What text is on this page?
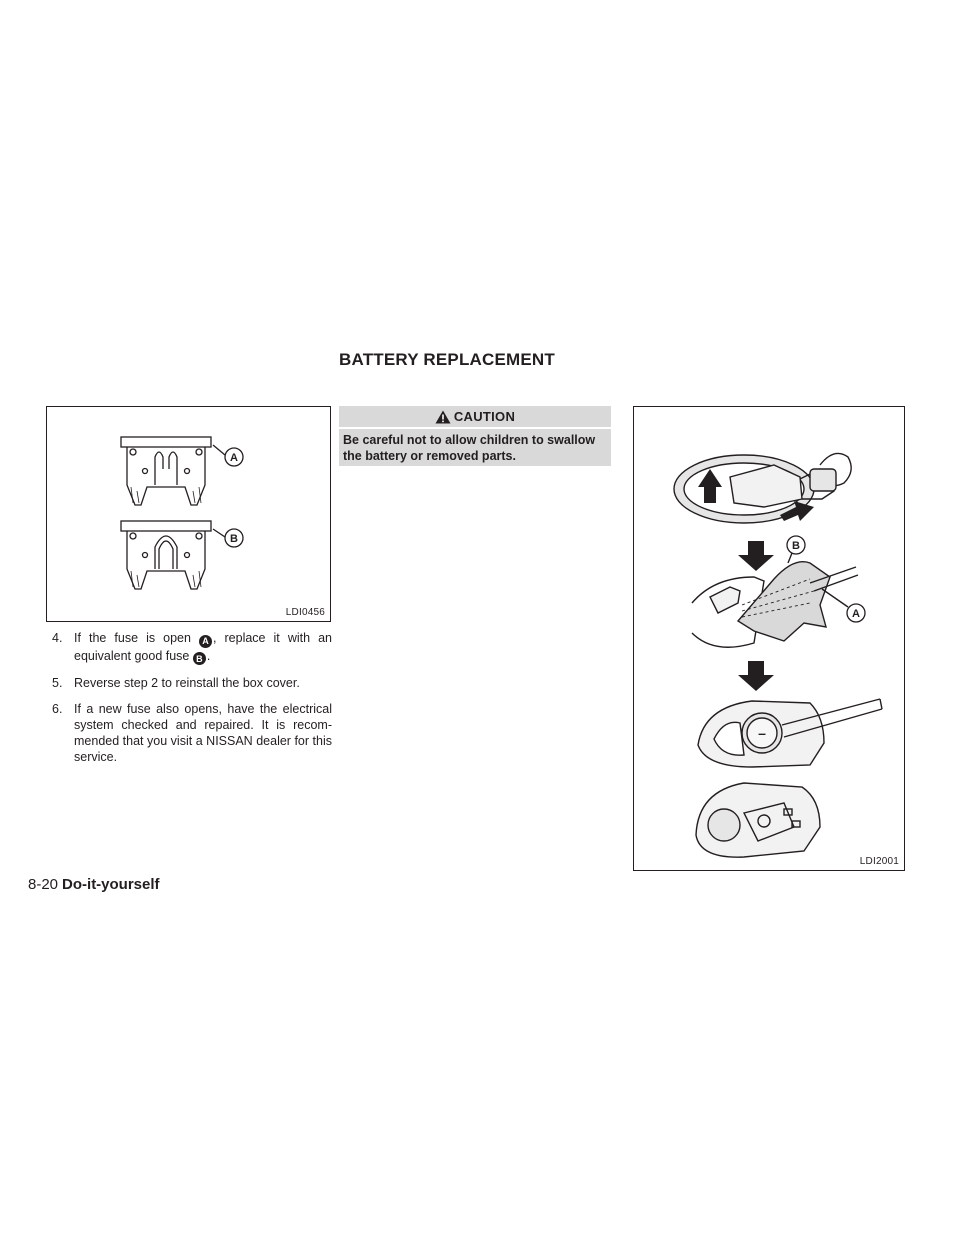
BATTERY REPLACEMENT
A
B
LDI0456
4. If the fuse is open A , replace it with an equivalent good fuse B .
5. Reverse step 2 to reinstall the box cover.
6. If a new fuse also opens, have the electrical system checked and repaired. It is recom- mended that you visit a NISSAN dealer for this service.
CAUTION
Be careful not to allow children to swallow the battery or removed parts.
B
A
–
LDI2001
8-20 Do-it-yourself
